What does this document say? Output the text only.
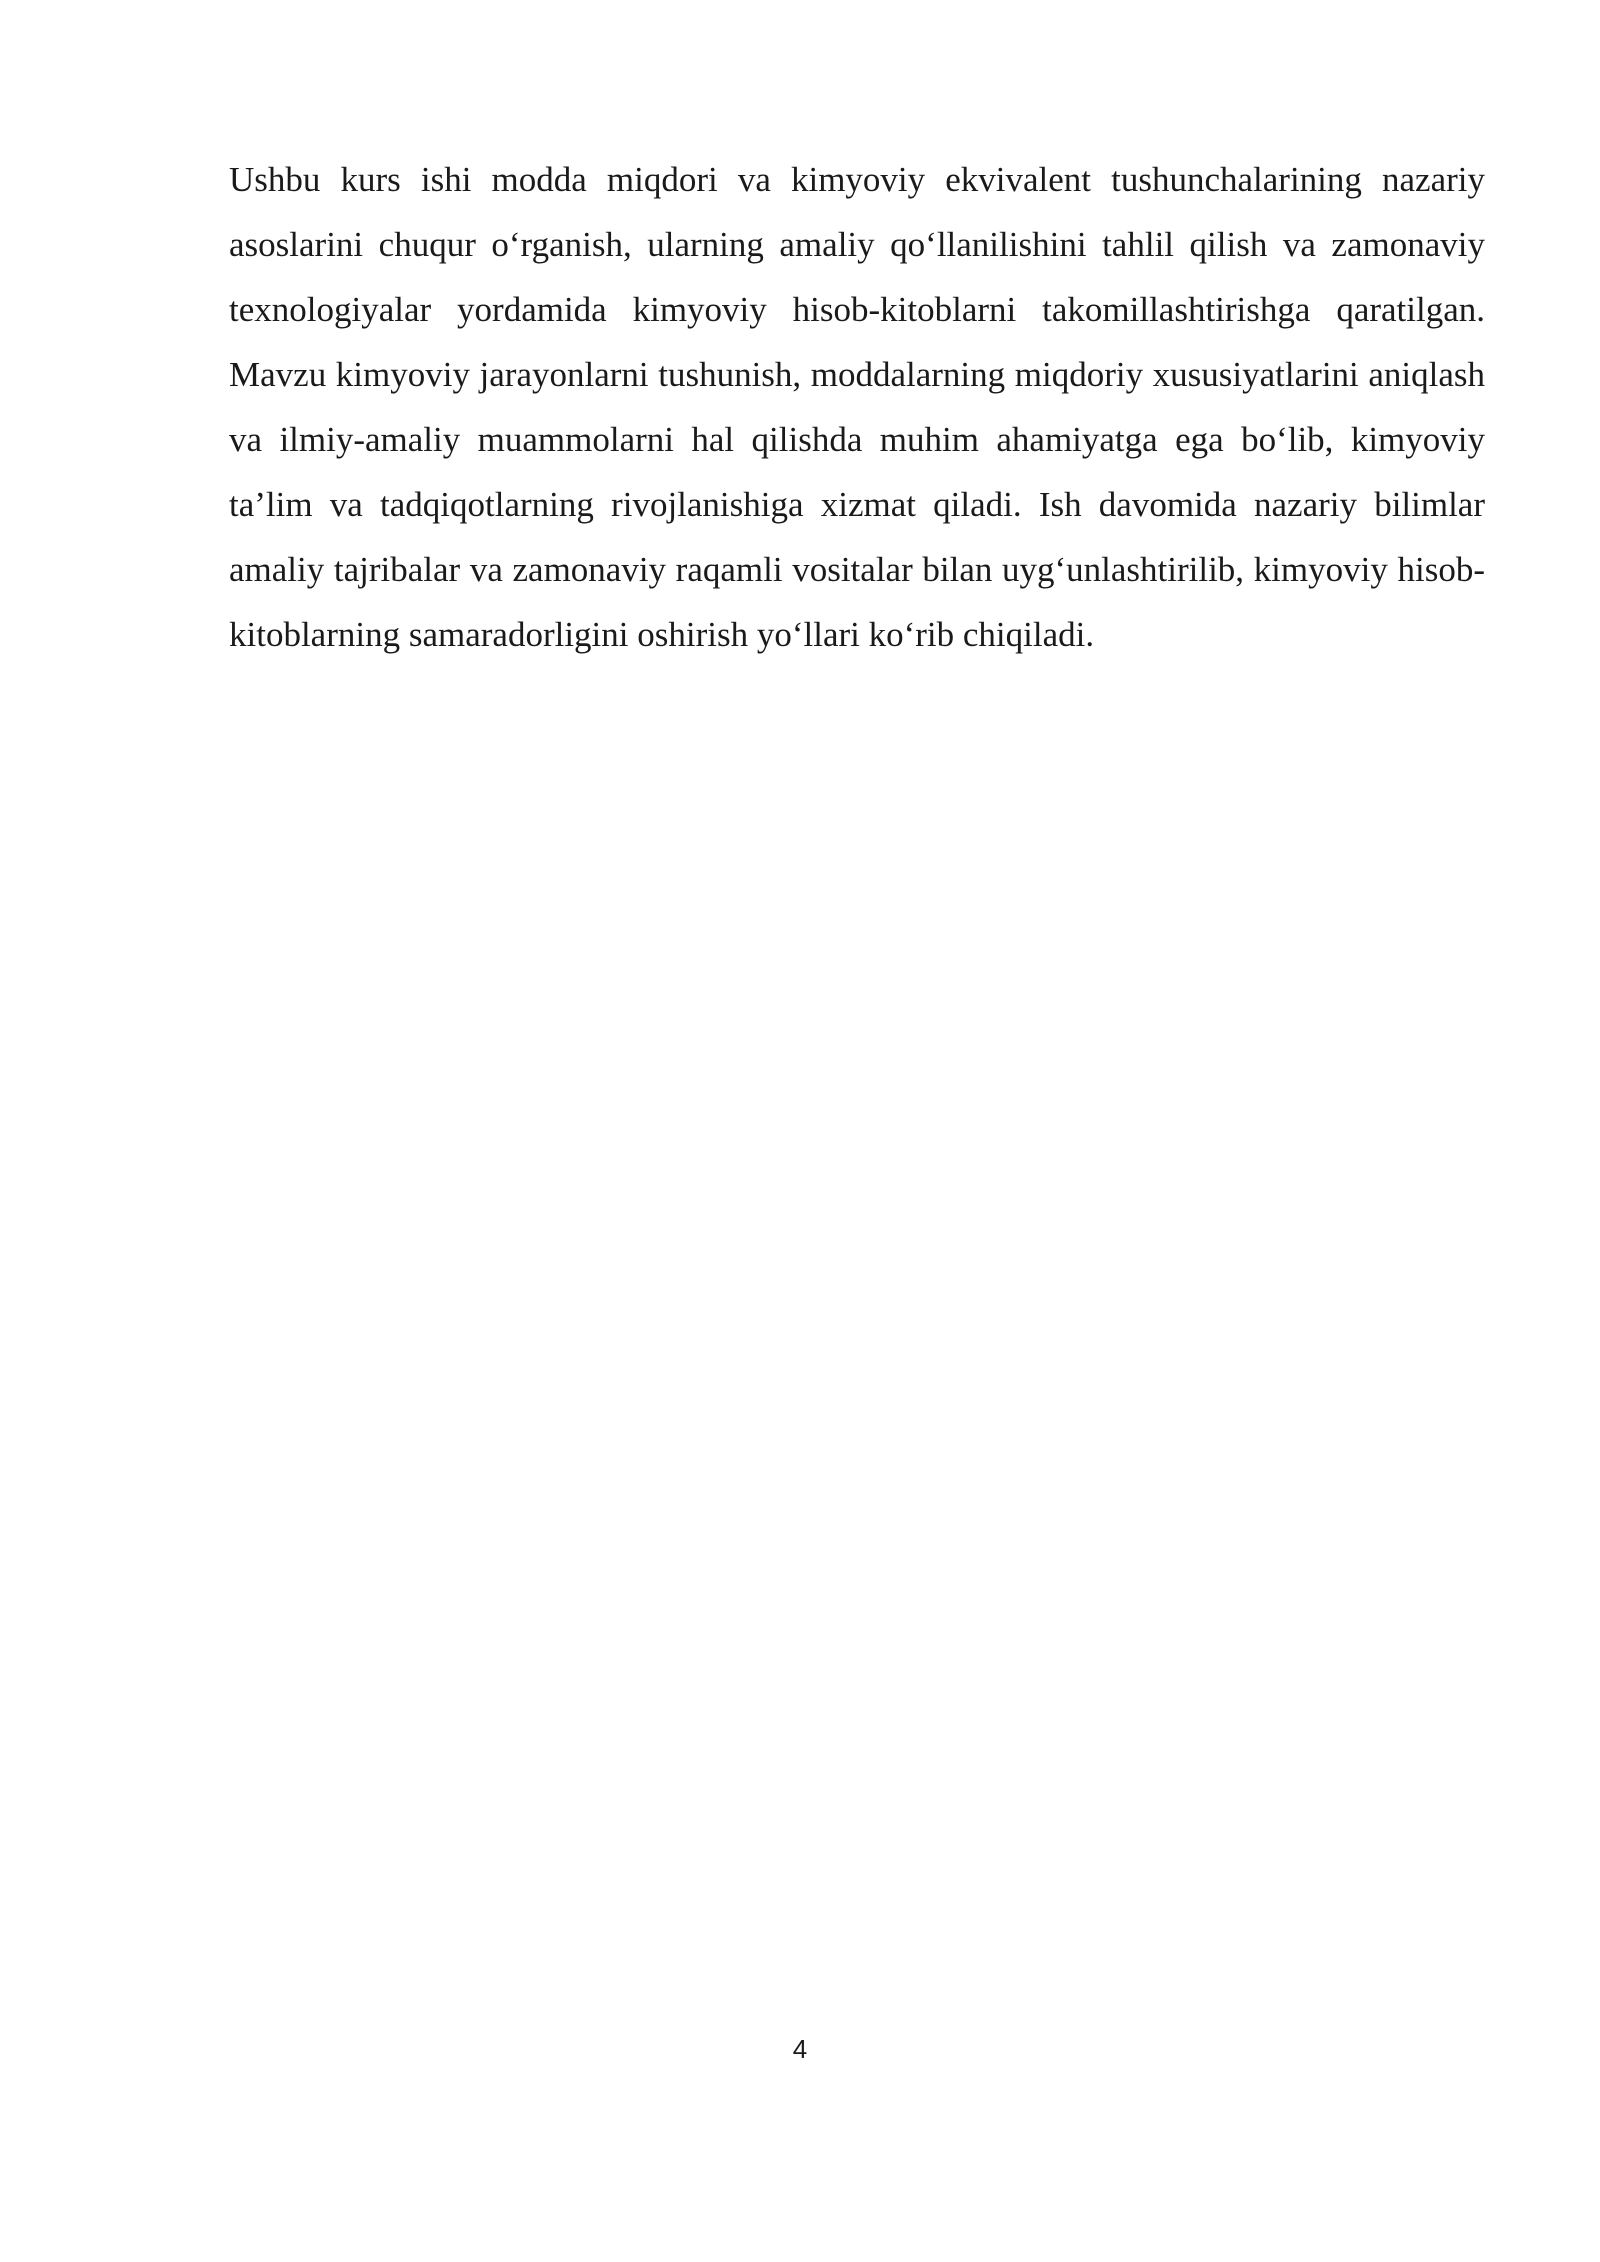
Ushbu kurs ishi modda miqdori va kimyoviy ekvivalent tushunchalarining nazariy asoslarini chuqur o‘rganish, ularning amaliy qo‘llanilishini tahlil qilish va zamonaviy texnologiyalar yordamida kimyoviy hisob-kitoblarni takomillashtirishga qaratilgan. Mavzu kimyoviy jarayonlarni tushunish, moddalarning miqdoriy xususiyatlarini aniqlash va ilmiy-amaliy muammolarni hal qilishda muhim ahamiyatga ega bo‘lib, kimyoviy ta’lim va tadqiqotlarning rivojlanishiga xizmat qiladi. Ish davomida nazariy bilimlar amaliy tajribalar va zamonaviy raqamli vositalar bilan uyg‘unlashtirilib, kimyoviy hisob-kitoblarning samaradorligini oshirish yo‘llari ko‘rib chiqiladi.

4
